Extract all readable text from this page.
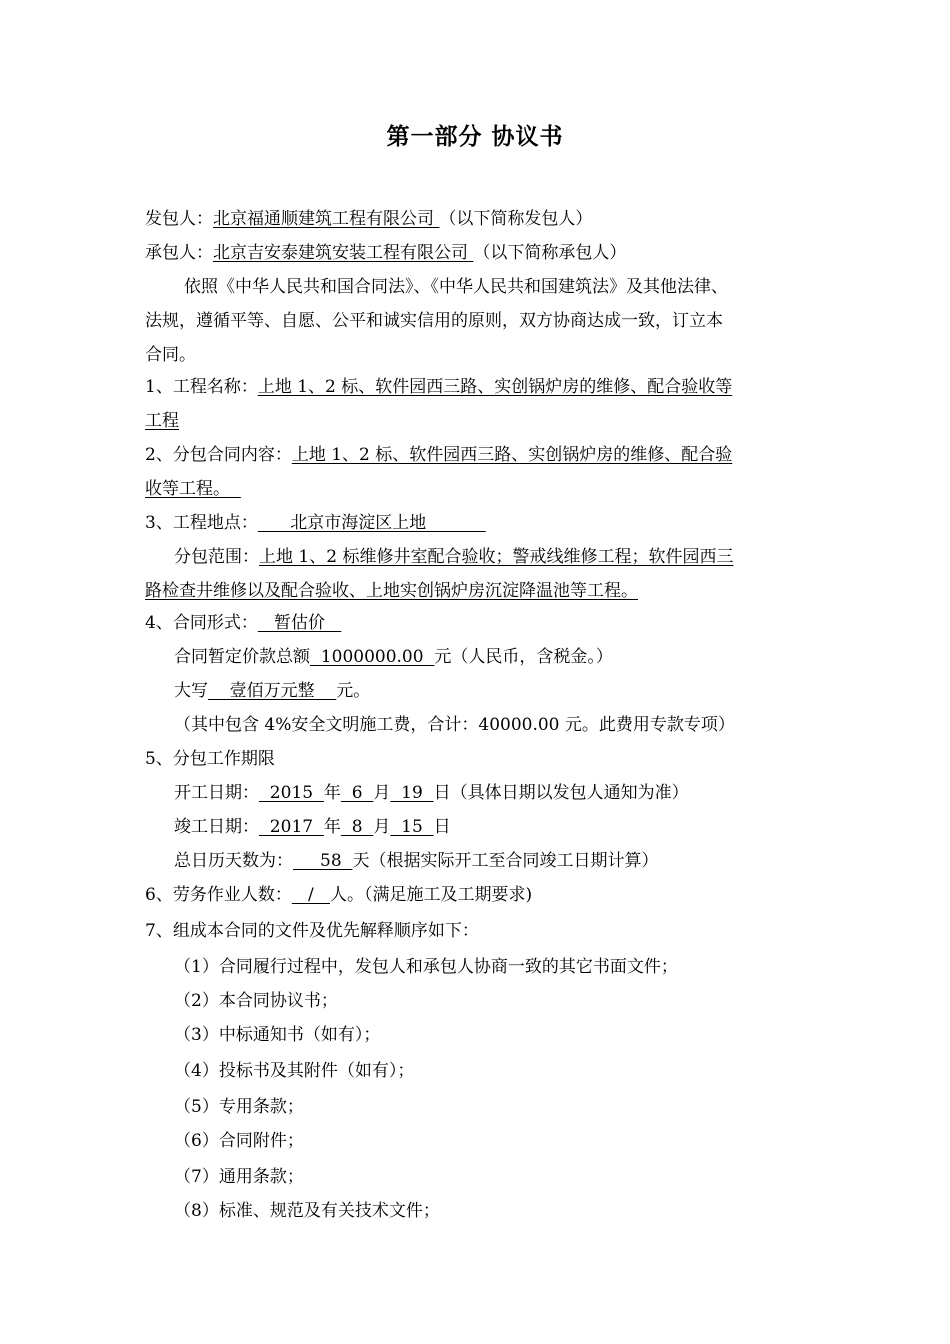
第一部分 协议书
发包人：北京福通顺建筑工程有限公司 （以下简称发包人）
承包人：北京吉安泰建筑安装工程有限公司 （以下简称承包人）
依照《中华人民共和国合同法》、《中华人民共和国建筑法》及其他法律、
法规，遵循平等、自愿、公平和诚实信用的原则，双方协商达成一致，订立本
合同。
1、工程名称：上地 1、2 标、软件园西三路、实创锅炉房的维修、配合验收等
工程
2、分包合同内容：上地 1、2 标、软件园西三路、实创锅炉房的维修、配合验
收等工程。
3、工程地点：      北京市海淀区上地
分包范围：上地 1、2 标维修井室配合验收；警戒线维修工程；软件园西三
路检查井维修以及配合验收、上地实创锅炉房沉淀降温池等工程。
4、合同形式：   暂估价
合同暂定价款总额  1000000.00  元（人民币，含税金。）
大写    壹佰万元整    元。
（其中包含 4%安全文明施工费，合计：40000.00 元。此费用专款专项）
5、分包工作期限
开工日期：  2015  年  6  月  19  日（具体日期以发包人通知为准）
竣工日期：  2017  年  8  月  15  日
总日历天数为：     58  天（根据实际开工至合同竣工日期计算）
6、劳务作业人数：   /   人。（满足施工及工期要求)
7、组成本合同的文件及优先解释顺序如下：
（1）合同履行过程中，发包人和承包人协商一致的其它书面文件；
（2）本合同协议书；
（3）中标通知书（如有）；
（4）投标书及其附件（如有）；
（5）专用条款；
（6）合同附件；
（7）通用条款；
（8）标准、规范及有关技术文件；
